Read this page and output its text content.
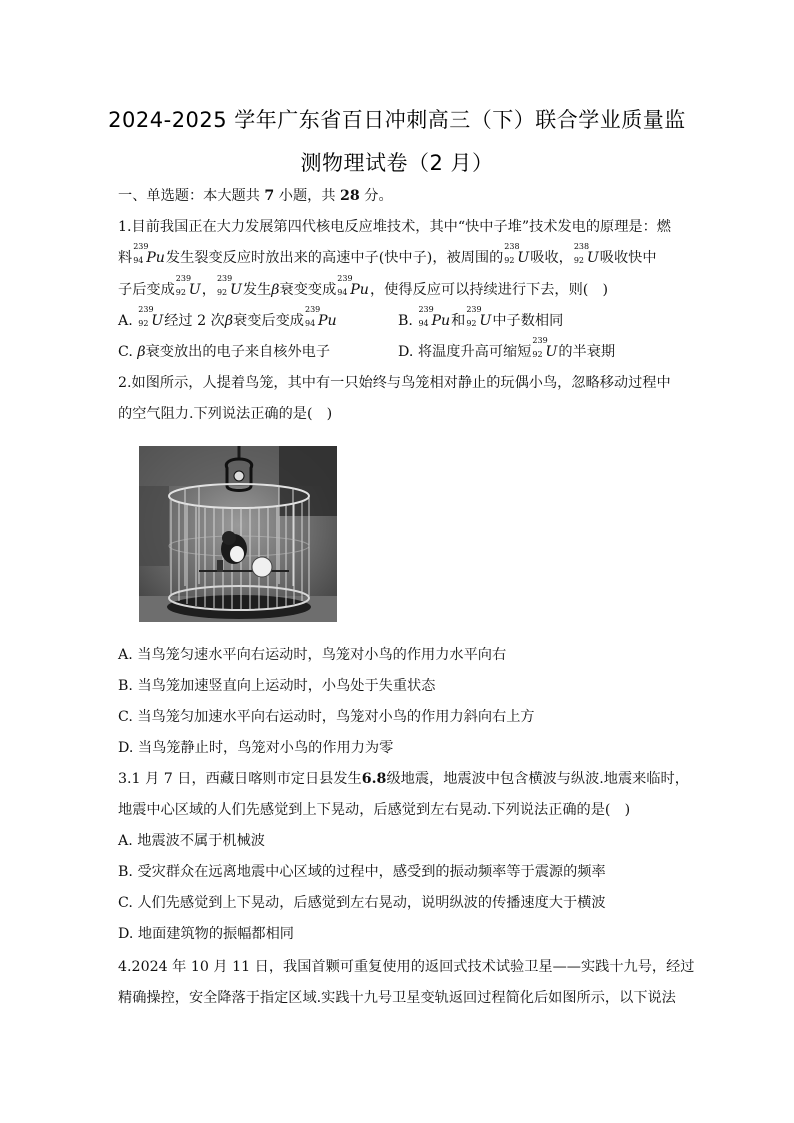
2024-2025 学年广东省百日冲刺高三（下）联合学业质量监
测物理试卷（2 月）
一、单选题：本大题共 7 小题，共 28 分。
1.目前我国正在大力发展第四代核电反应堆技术，其中“快中子堆”技术发电的原理是：燃
料
239
94 Pu发生裂变反应时放出来的高速中子(快中子)，被周围的
238
92 U吸收，
238
92 U吸收快中
子后变成
239
92 U，
239
92 U发生β衰变变成
239
94 Pu，使得反应可以持续进行下去，则(　)
A.
239
92 U经过 2 次β衰变后变成
239
94 Pu	B.
239
94 Pu和
239
92 U中子数相同
C. β衰变放出的电子来自核外电子	D. 将温度升高可缩短
239
92 U的半衰期
2.如图所示，人提着鸟笼，其中有一只始终与鸟笼相对静止的玩偶小鸟，忽略移动过程中
的空气阻力.下列说法正确的是(　)
A. 当鸟笼匀速水平向右运动时，鸟笼对小鸟的作用力水平向右
B. 当鸟笼加速竖直向上运动时，小鸟处于失重状态
C. 当鸟笼匀加速水平向右运动时，鸟笼对小鸟的作用力斜向右上方
D. 当鸟笼静止时，鸟笼对小鸟的作用力为零
3.1 月 7 日，西藏日喀则市定日县发生6.8级地震，地震波中包含横波与纵波.地震来临时，
地震中心区域的人们先感觉到上下晃动，后感觉到左右晃动.下列说法正确的是(　)
A. 地震波不属于机械波
B. 受灾群众在远离地震中心区域的过程中，感受到的振动频率等于震源的频率
C. 人们先感觉到上下晃动，后感觉到左右晃动，说明纵波的传播速度大于横波
D. 地面建筑物的振幅都相同
4.2024 年 10 月 11 日，我国首颗可重复使用的返回式技术试验卫星——实践十九号，经过
精确操控，安全降落于指定区域.实践十九号卫星变轨返回过程简化后如图所示，以下说法
